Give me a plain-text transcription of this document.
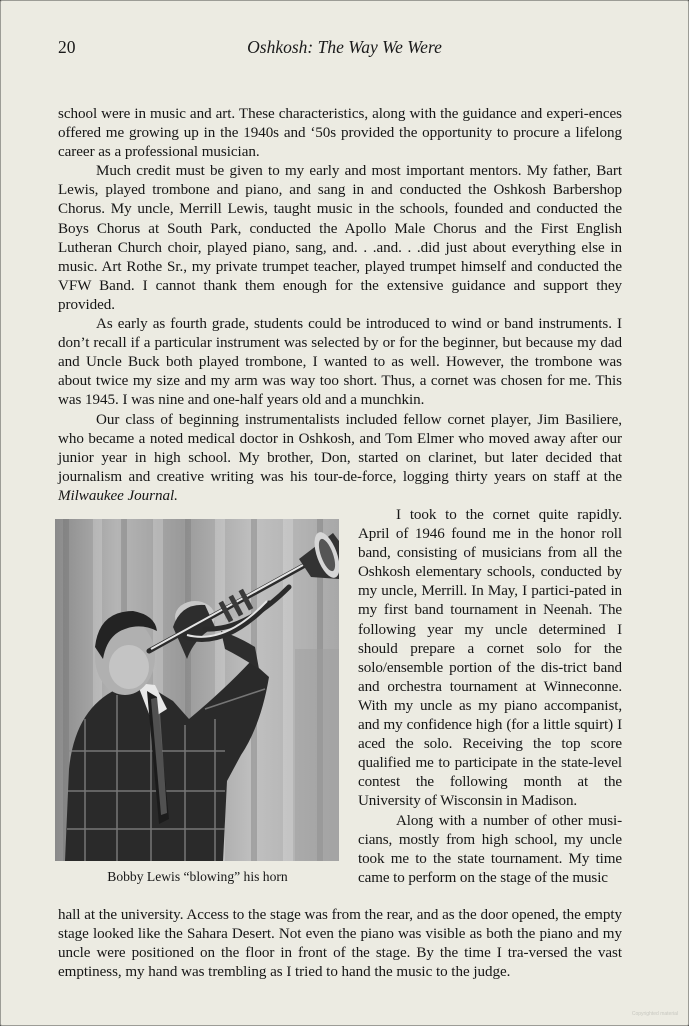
20	Oshkosh: The Way We Were

school were in music and art. These characteristics, along with the guidance and experi-ences offered me growing up in the 1940s and ‘50s provided the opportunity to procure a lifelong career as a professional musician.

Much credit must be given to my early and most important mentors. My father, Bart Lewis, played trombone and piano, and sang in and conducted the Oshkosh Barbershop Chorus. My uncle, Merrill Lewis, taught music in the schools, founded and conducted the Boys Chorus at South Park, conducted the Apollo Male Chorus and the First English Lutheran Church choir, played piano, sang, and. . .and. . .did just about everything else in music. Art Rothe Sr., my private trumpet teacher, played trumpet himself and conducted the VFW Band. I cannot thank them enough for the extensive guidance and support they provided.

As early as fourth grade, students could be introduced to wind or band instruments. I don’t recall if a particular instrument was selected by or for the beginner, but because my dad and Uncle Buck both played trombone, I wanted to as well. However, the trombone was about twice my size and my arm was way too short. Thus, a cornet was chosen for me. This was 1945. I was nine and one-half years old and a munchkin.

Our class of beginning instrumentalists included fellow cornet player, Jim Basiliere, who became a noted medical doctor in Oshkosh, and Tom Elmer who moved away after our junior year in high school. My brother, Don, started on clarinet, but later decided that journalism and creative writing was his tour-de-force, logging thirty years on staff at the Milwaukee Journal.

Bobby Lewis “blowing” his horn

I took to the cornet quite rapidly. April of 1946 found me in the honor roll band, consisting of musicians from all the Oshkosh elementary schools, conducted by my uncle, Merrill. In May, I partici-pated in my first band tournament in Neenah. The following year my uncle determined I should prepare a cornet solo for the solo/ensemble portion of the dis-trict band and orchestra tournament at Winneconne. With my uncle as my piano accompanist, and my confidence high (for a little squirt) I aced the solo. Receiving the top score qualified me to participate in the state-level contest the following month at the University of Wisconsin in Madison.

Along with a number of other musi-cians, mostly from high school, my uncle took me to the state tournament. My time came to perform on the stage of the music

hall at the university. Access to the stage was from the rear, and as the door opened, the empty stage looked like the Sahara Desert. Not even the piano was visible as both the piano and my uncle were positioned on the floor in front of the stage. By the time I tra-versed the vast emptiness, my hand was trembling as I tried to hand the music to the judge.

Copyrighted material
